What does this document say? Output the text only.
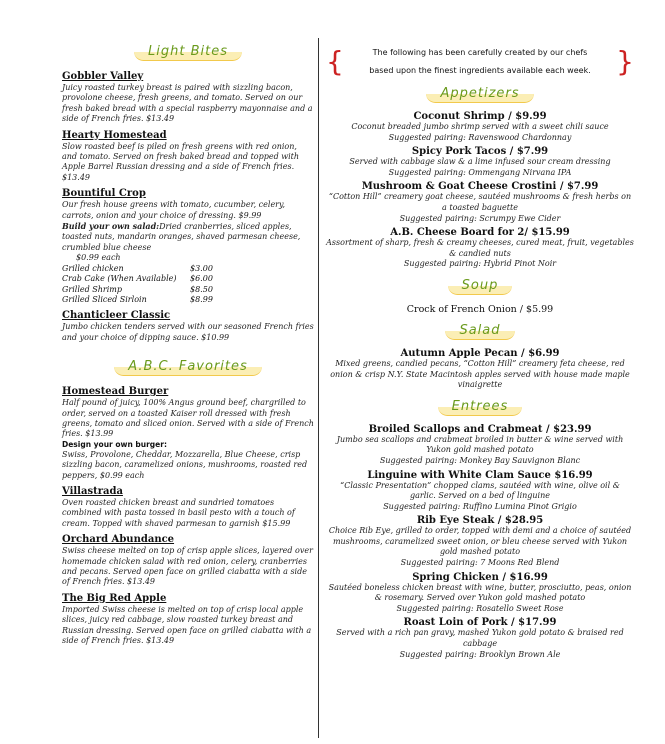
Light Bites
Gobbler Valley
Juicy roasted turkey breast is paired with sizzling bacon, provolone cheese, fresh greens, and tomato. Served on our fresh baked bread with a special raspberry mayonnaise and a side of French fries. $13.49
Hearty Homestead
Slow roasted beef is piled on fresh greens with red onion, and tomato. Served on fresh baked bread and topped with Apple Barrel Russian dressing and a side of French fries. $13.49
Bountiful Crop
Our fresh house greens with tomato, cucumber, celery, carrots, onion and your choice of dressing. $9.99
Build your own salad:Dried cranberries, sliced apples, toasted nuts, mandarin oranges, shaved parmesan cheese, crumbled blue cheese
$0.99 each
Grilled chicken	$3.00
Crab Cake (When Available)	$6.00
Grilled Shrimp	$8.50
Grilled Sliced Sirloin	$8.99
Chanticleer Classic
Jumbo chicken tenders served with our seasoned French fries and your choice of dipping sauce. $10.99
A.B.C. Favorites
Homestead Burger
Half pound of juicy, 100% Angus ground beef, chargrilled to order, served on a toasted Kaiser roll dressed with fresh greens, tomato and sliced onion. Served with a side of French fries. $13.99
Design your own burger:
Swiss, Provolone, Cheddar, Mozzarella, Blue Cheese, crisp sizzling bacon, caramelized onions, mushrooms, roasted red peppers, $0.99 each
Villastrada
Oven roasted chicken breast and sundried tomatoes combined with pasta tossed in basil pesto with a touch of cream. Topped with shaved parmesan to garnish $15.99
Orchard Abundance
Swiss cheese melted on top of crisp apple slices, layered over homemade chicken salad with red onion, celery, cranberries and pecans. Served open face on grilled ciabatta with a side of French fries. $13.49
The Big Red Apple
Imported Swiss cheese is melted on top of crisp local apple slices, juicy red cabbage, slow roasted turkey breast and Russian dressing. Served open face on grilled ciabatta with a side of French fries. $13.49
{	The following has been carefully created by our chefs
based upon the finest ingredients available each week. }
Appetizers
Coconut Shrimp / $9.99
Coconut breaded jumbo shrimp served with a sweet chili sauce
Suggested pairing: Ravenswood Chardonnay
Spicy Pork Tacos / $7.99
Served with cabbage slaw & a lime infused sour cream dressing
Suggested pairing: Ommengang Nirvana IPA
Mushroom & Goat Cheese Crostini / $7.99
“Cotton Hill” creamery goat cheese, sautéed mushrooms & fresh herbs on a toasted baguette
Suggested pairing: Scrumpy Ewe Cider
A.B. Cheese Board for 2/ $15.99
Assortment of sharp, fresh & creamy cheeses, cured meat, fruit, vegetables & candied nuts
Suggested pairing: Hybrid Pinot Noir
Soup
Crock of French Onion / $5.99
Salad
Autumn Apple Pecan / $6.99
Mixed greens, candied pecans, “Cotton Hill” creamery feta cheese, red onion & crisp N.Y. State Macintosh apples served with house made maple vinaigrette
Entrees
Broiled Scallops and Crabmeat / $23.99
Jumbo sea scallops and crabmeat broiled in butter & wine served with Yukon gold mashed potato
Suggested pairing: Monkey Bay Sauvignon Blanc
Linguine with White Clam Sauce $16.99
“Classic Presentation” chopped clams, sautéed with wine, olive oil & garlic. Served on a bed of linguine
Suggested pairing: Ruffino Lumina Pinot Grigio
Rib Eye Steak / $28.95
Choice Rib Eye, grilled to order, topped with demi and a choice of sautéed mushrooms, caramelized sweet onion, or bleu cheese served with Yukon gold mashed potato
Suggested pairing: 7 Moons Red Blend
Spring Chicken / $16.99
Sautéed boneless chicken breast with wine, butter, prosciutto, peas, onion & rosemary. Served over Yukon gold mashed potato
Suggested pairing: Rosatello Sweet Rose
Roast Loin of Pork / $17.99
Served with a rich pan gravy, mashed Yukon gold potato & braised red cabbage
Suggested pairing: Brooklyn Brown Ale
